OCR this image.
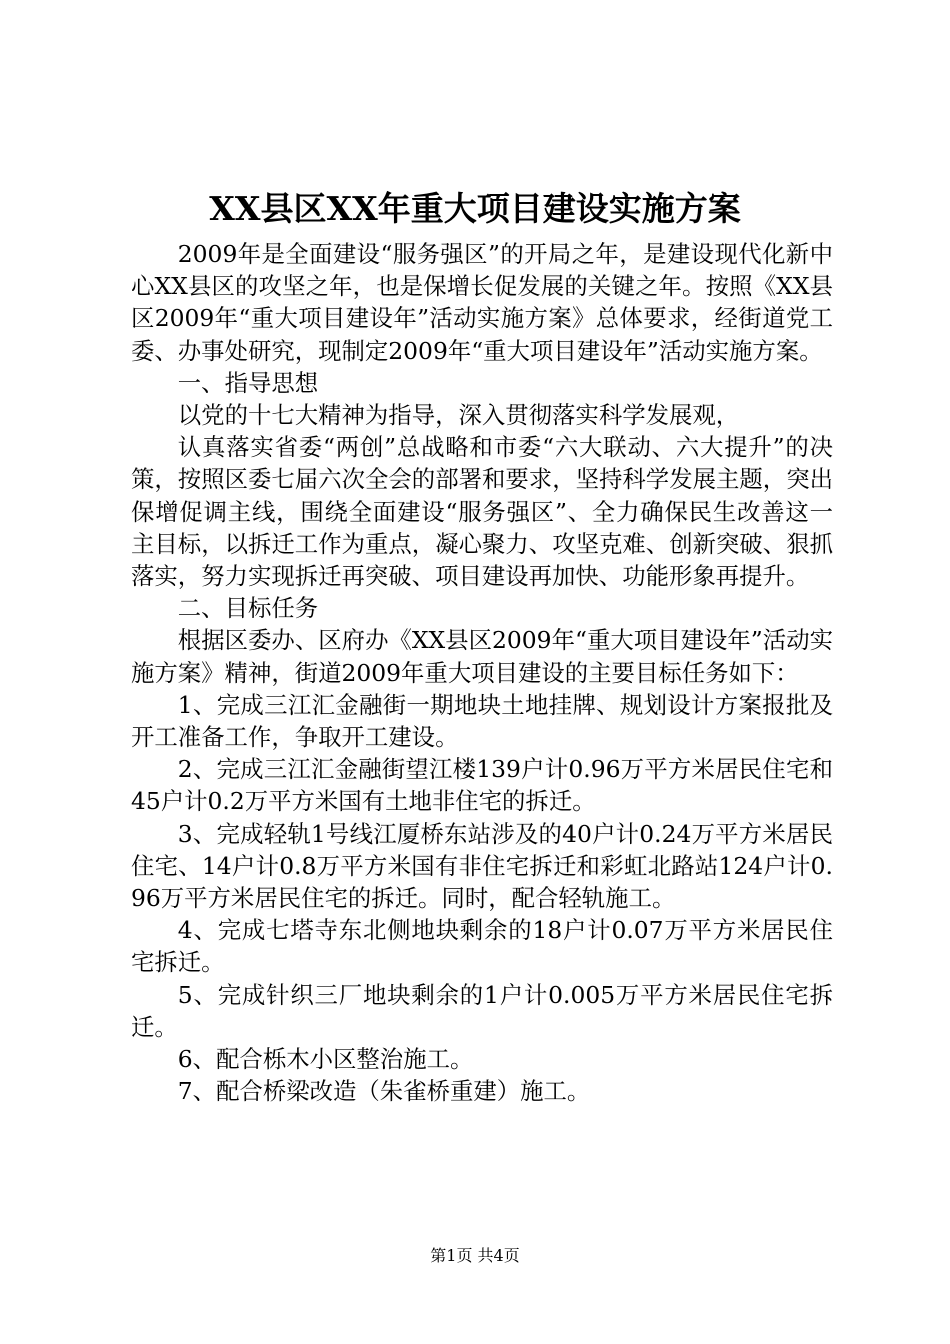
XX县区XX年重大项目建设实施方案

2009年是全面建设“服务强区”的开局之年，是建设现代化新中心XX县区的攻坚之年，也是保增长促发展的关键之年。按照《XX县区2009年“重大项目建设年”活动实施方案》总体要求，经街道党工委、办事处研究，现制定2009年“重大项目建设年”活动实施方案。

一、指导思想

以党的十七大精神为指导，深入贯彻落实科学发展观，

认真落实省委“两创”总战略和市委“六大联动、六大提升”的决策，按照区委七届六次全会的部署和要求，坚持科学发展主题，突出保增促调主线，围绕全面建设“服务强区”、全力确保民生改善这一主目标，以拆迁工作为重点，凝心聚力、攻坚克难、创新突破、狠抓落实，努力实现拆迁再突破、项目建设再加快、功能形象再提升。

二、目标任务

根据区委办、区府办《XX县区2009年“重大项目建设年”活动实施方案》精神，街道2009年重大项目建设的主要目标任务如下：

1、完成三江汇金融街一期地块土地挂牌、规划设计方案报批及开工准备工作，争取开工建设。

2、完成三江汇金融街望江楼139户计0.96万平方米居民住宅和45户计0.2万平方米国有土地非住宅的拆迁。

3、完成轻轨1号线江厦桥东站涉及的40户计0.24万平方米居民住宅、14户计0.8万平方米国有非住宅拆迁和彩虹北路站124户计0.96万平方米居民住宅的拆迁。同时，配合轻轨施工。

4、完成七塔寺东北侧地块剩余的18户计0.07万平方米居民住宅拆迁。

5、完成针织三厂地块剩余的1户计0.005万平方米居民住宅拆迁。

6、配合栎木小区整治施工。

7、配合桥梁改造（朱雀桥重建）施工。

第1页 共4页
